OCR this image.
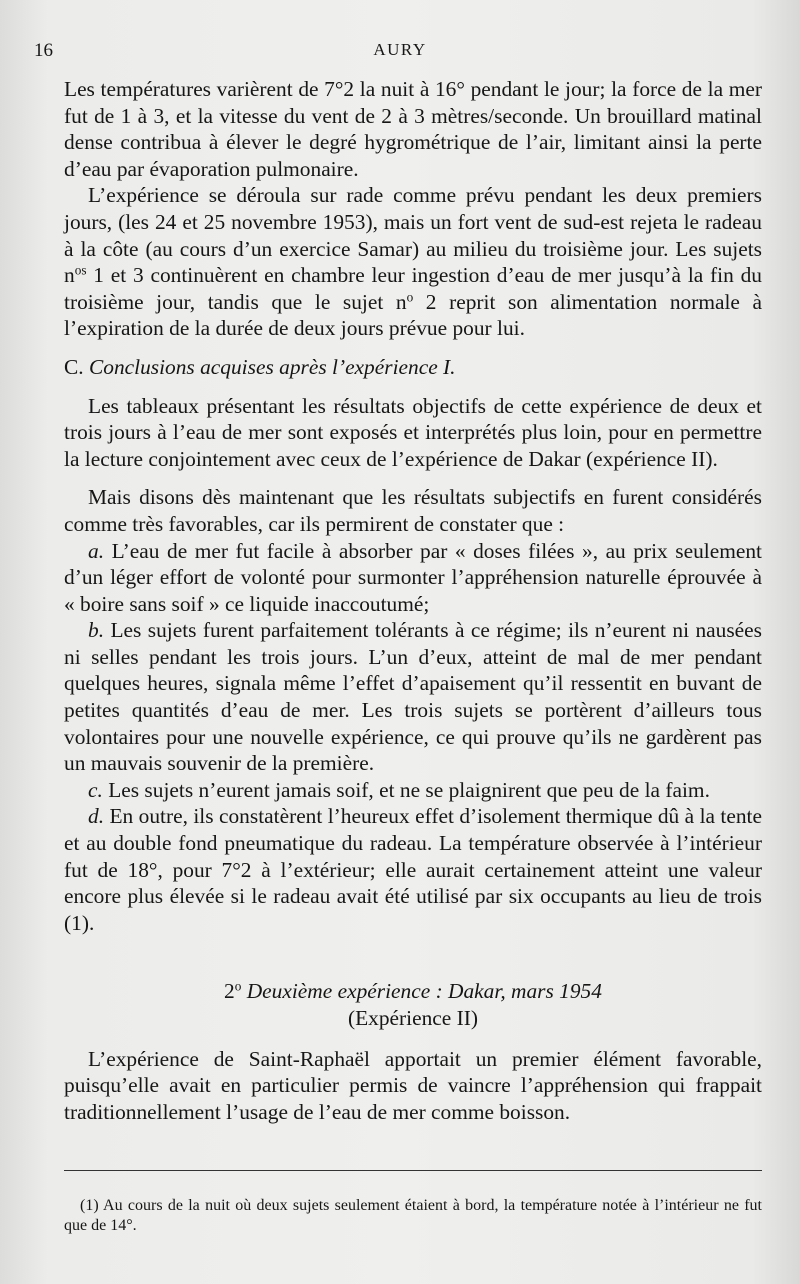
16	AURY

Les températures varièrent de 7°2 la nuit à 16° pendant le jour; la force de la mer fut de 1 à 3, et la vitesse du vent de 2 à 3 mètres/seconde. Un brouillard matinal dense contribua à élever le degré hygrométrique de l’air, limitant ainsi la perte d’eau par évaporation pulmonaire.

L’expérience se déroula sur rade comme prévu pendant les deux premiers jours, (les 24 et 25 novembre 1953), mais un fort vent de sud-est rejeta le radeau à la côte (au cours d’un exercice Samar) au milieu du troisième jour. Les sujets $n^{os}$ 1 et 3 continuèrent en chambre leur ingestion d’eau de mer jusqu’à la fin du troisième jour, tandis que le sujet $n^o$ 2 reprit son alimentation normale à l’expiration de la durée de deux jours prévue pour lui.

C. Conclusions acquises après l’expérience I.

Les tableaux présentant les résultats objectifs de cette expérience de deux et trois jours à l’eau de mer sont exposés et interprétés plus loin, pour en permettre la lecture conjointement avec ceux de l’expérience de Dakar (expérience II).

Mais disons dès maintenant que les résultats subjectifs en furent considérés comme très favorables, car ils permirent de constater que :

a. L’eau de mer fut facile à absorber par « doses filées », au prix seulement d’un léger effort de volonté pour surmonter l’appréhension naturelle éprouvée à « boire sans soif » ce liquide inaccoutumé;

b. Les sujets furent parfaitement tolérants à ce régime; ils n’eurent ni nausées ni selles pendant les trois jours. L’un d’eux, atteint de mal de mer pendant quelques heures, signala même l’effet d’apaisement qu’il ressentit en buvant de petites quantités d’eau de mer. Les trois sujets se portèrent d’ailleurs tous volontaires pour une nouvelle expérience, ce qui prouve qu’ils ne gardèrent pas un mauvais souvenir de la première.

c. Les sujets n’eurent jamais soif, et ne se plaignirent que peu de la faim.

d. En outre, ils constatèrent l’heureux effet d’isolement thermique dû à la tente et au double fond pneumatique du radeau. La température observée à l’intérieur fut de 18°, pour 7°2 à l’extérieur; elle aurait certainement atteint une valeur encore plus élevée si le radeau avait été utilisé par six occupants au lieu de trois (1).

2$^o$ Deuxième expérience : Dakar, mars 1954

(Expérience II)

L’expérience de Saint-Raphaël apportait un premier élément favorable, puisqu’elle avait en particulier permis de vaincre l’appréhension qui frappait traditionnellement l’usage de l’eau de mer comme boisson.

(1) Au cours de la nuit où deux sujets seulement étaient à bord, la température notée à l’intérieur ne fut que de 14°.
